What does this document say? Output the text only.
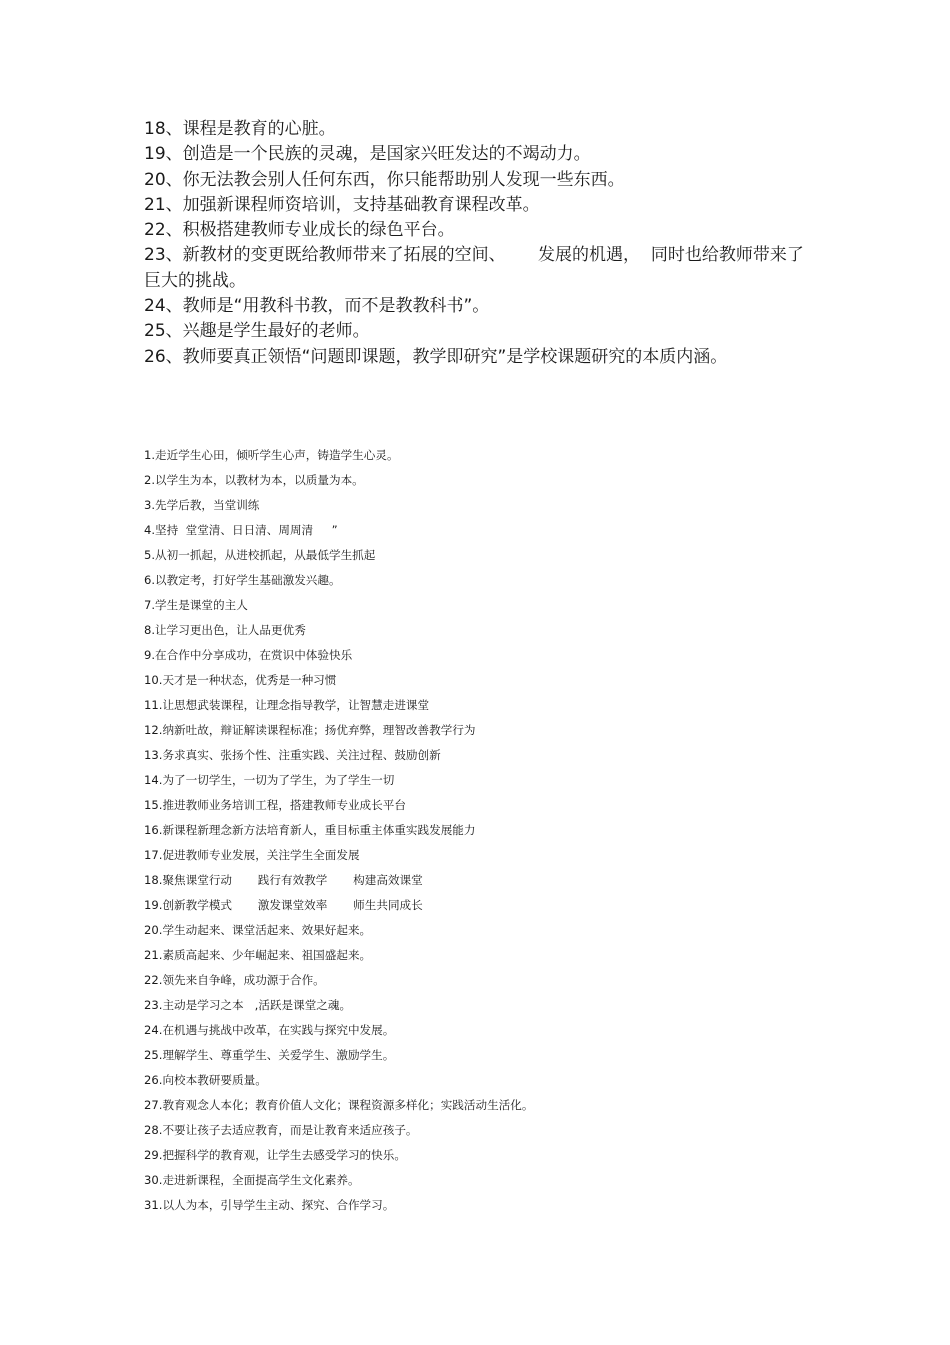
18、课程是教育的心脏。

19、创造是一个民族的灵魂，是国家兴旺发达的不竭动力。

20、你无法教会别人任何东西，你只能帮助别人发现一些东西。

21、加强新课程师资培训，支持基础教育课程改革。

22、积极搭建教师专业成长的绿色平台。

23、新教材的变更既给教师带来了拓展的空间、      发展的机遇，  同时也给教师带来了巨大的挑战。

24、教师是“用教科书教，而不是教教科书”。

25、兴趣是学生最好的老师。

26、教师要真正领悟“问题即课题，教学即研究”是学校课题研究的本质内涵。

1.走近学生心田，倾听学生心声，铸造学生心灵。

2.以学生为本，以教材为本，以质量为本。

3.先学后教，当堂训练

4.坚持  堂堂清、日日清、周周清     ”

5.从初一抓起，从进校抓起，从最低学生抓起

6.以教定考，打好学生基础激发兴趣。

7.学生是课堂的主人

8.让学习更出色，让人品更优秀

9.在合作中分享成功，在赏识中体验快乐

10.天才是一种状态，优秀是一种习惯

11.让思想武装课程，让理念指导教学，让智慧走进课堂

12.纳新吐故，辩证解读课程标准；扬优弃弊，理智改善教学行为

13.务求真实、张扬个性、注重实践、关注过程、鼓励创新

14.为了一切学生，一切为了学生，为了学生一切

15.推进教师业务培训工程，搭建教师专业成长平台

16.新课程新理念新方法培育新人，重目标重主体重实践发展能力

17.促进教师专业发展，关注学生全面发展

18.聚焦课堂行动       践行有效教学       构建高效课堂

19.创新教学模式       激发课堂效率       师生共同成长

20.学生动起来、课堂活起来、效果好起来。

21.素质高起来、少年崛起来、祖国盛起来。

22.领先来自争峰，成功源于合作。

23.主动是学习之本   ,活跃是课堂之魂。

24.在机遇与挑战中改革，在实践与探究中发展。

25.理解学生、尊重学生、关爱学生、激励学生。

26.向校本教研要质量。

27.教育观念人本化；教育价值人文化；课程资源多样化；实践活动生活化。

28.不要让孩子去适应教育，而是让教育来适应孩子。

29.把握科学的教育观，让学生去感受学习的快乐。

30.走进新课程，全面提高学生文化素养。

31.以人为本，引导学生主动、探究、合作学习。
